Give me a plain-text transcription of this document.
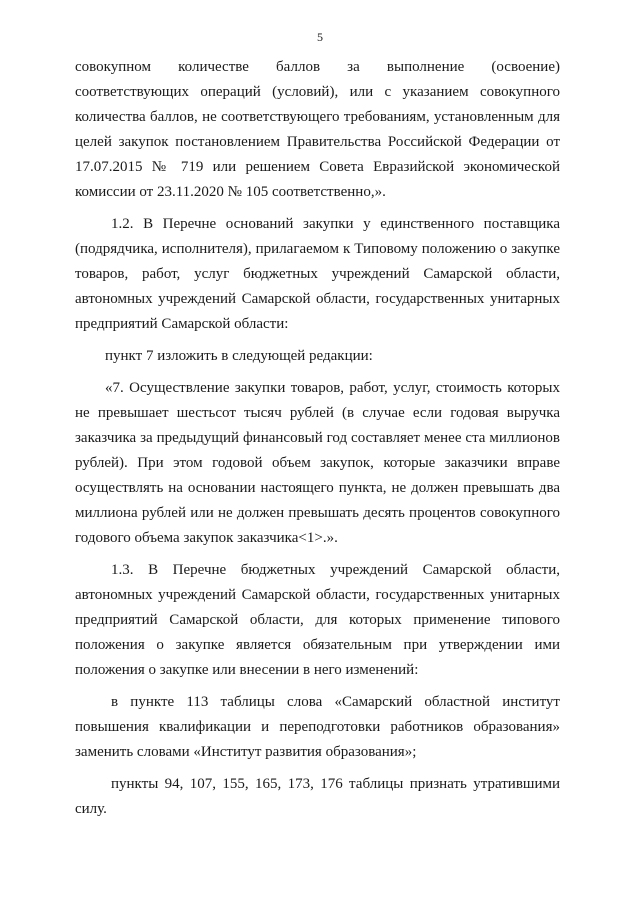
5

совокупном количестве баллов за выполнение (освоение) соответствующих операций (условий), или с указанием совокупного количества баллов, не соответствующего требованиям, установленным для целей закупок постановлением Правительства Российской Федерации от 17.07.2015 № 719 или решением Совета Евразийской экономической комиссии от 23.11.2020 № 105 соответственно,».

1.2. В Перечне оснований закупки у единственного поставщика (подрядчика, исполнителя), прилагаемом к Типовому положению о закупке товаров, работ, услуг бюджетных учреждений Самарской области, автономных учреждений Самарской области, государственных унитарных предприятий Самарской области:

пункт 7 изложить в следующей редакции:

«7. Осуществление закупки товаров, работ, услуг, стоимость которых не превышает шестьсот тысяч рублей (в случае если годовая выручка заказчика за предыдущий финансовый год составляет менее ста миллионов рублей). При этом годовой объем закупок, которые заказчики вправе осуществлять на основании настоящего пункта, не должен превышать два миллиона рублей или не должен превышать десять процентов совокупного годового объема закупок заказчика<1>.».

1.3. В Перечне бюджетных учреждений Самарской области, автономных учреждений Самарской области, государственных унитарных предприятий Самарской области, для которых применение типового положения о закупке является обязательным при утверждении ими положения о закупке или внесении в него изменений:

в пункте 113 таблицы слова «Самарский областной институт повышения квалификации и переподготовки работников образования» заменить словами «Институт развития образования»;

пункты 94, 107, 155, 165, 173, 176 таблицы признать утратившими силу.
